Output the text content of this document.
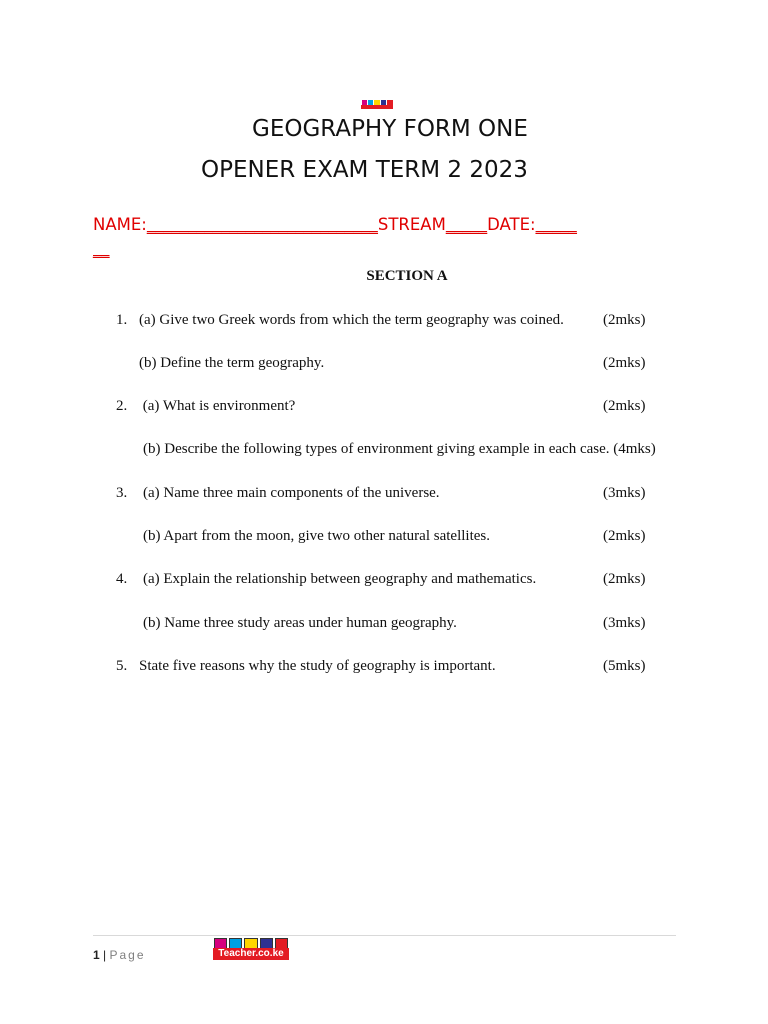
GEOGRAPHY FORM ONE
OPENER EXAM TERM 2 2023
NAME:____________________________STREAM_____DATE:_____
__
SECTION A
1. (a) Give two Greek words from which the term geography was coined.	(2mks)
(b) Define the term geography.	(2mks)
2. (a) What is environment?	(2mks)
(b) Describe the following types of environment giving example in each case. (4mks)
3. (a) Name three main components of the universe.	(3mks)
(b) Apart from the moon, give two other natural satellites.	(2mks)
4. (a) Explain the relationship between geography and mathematics.	(2mks)
(b) Name three study areas under human geography.	(3mks)
5. State five reasons why the study of geography is important.	(5mks)
1 | Page	Teacher.co.ke
